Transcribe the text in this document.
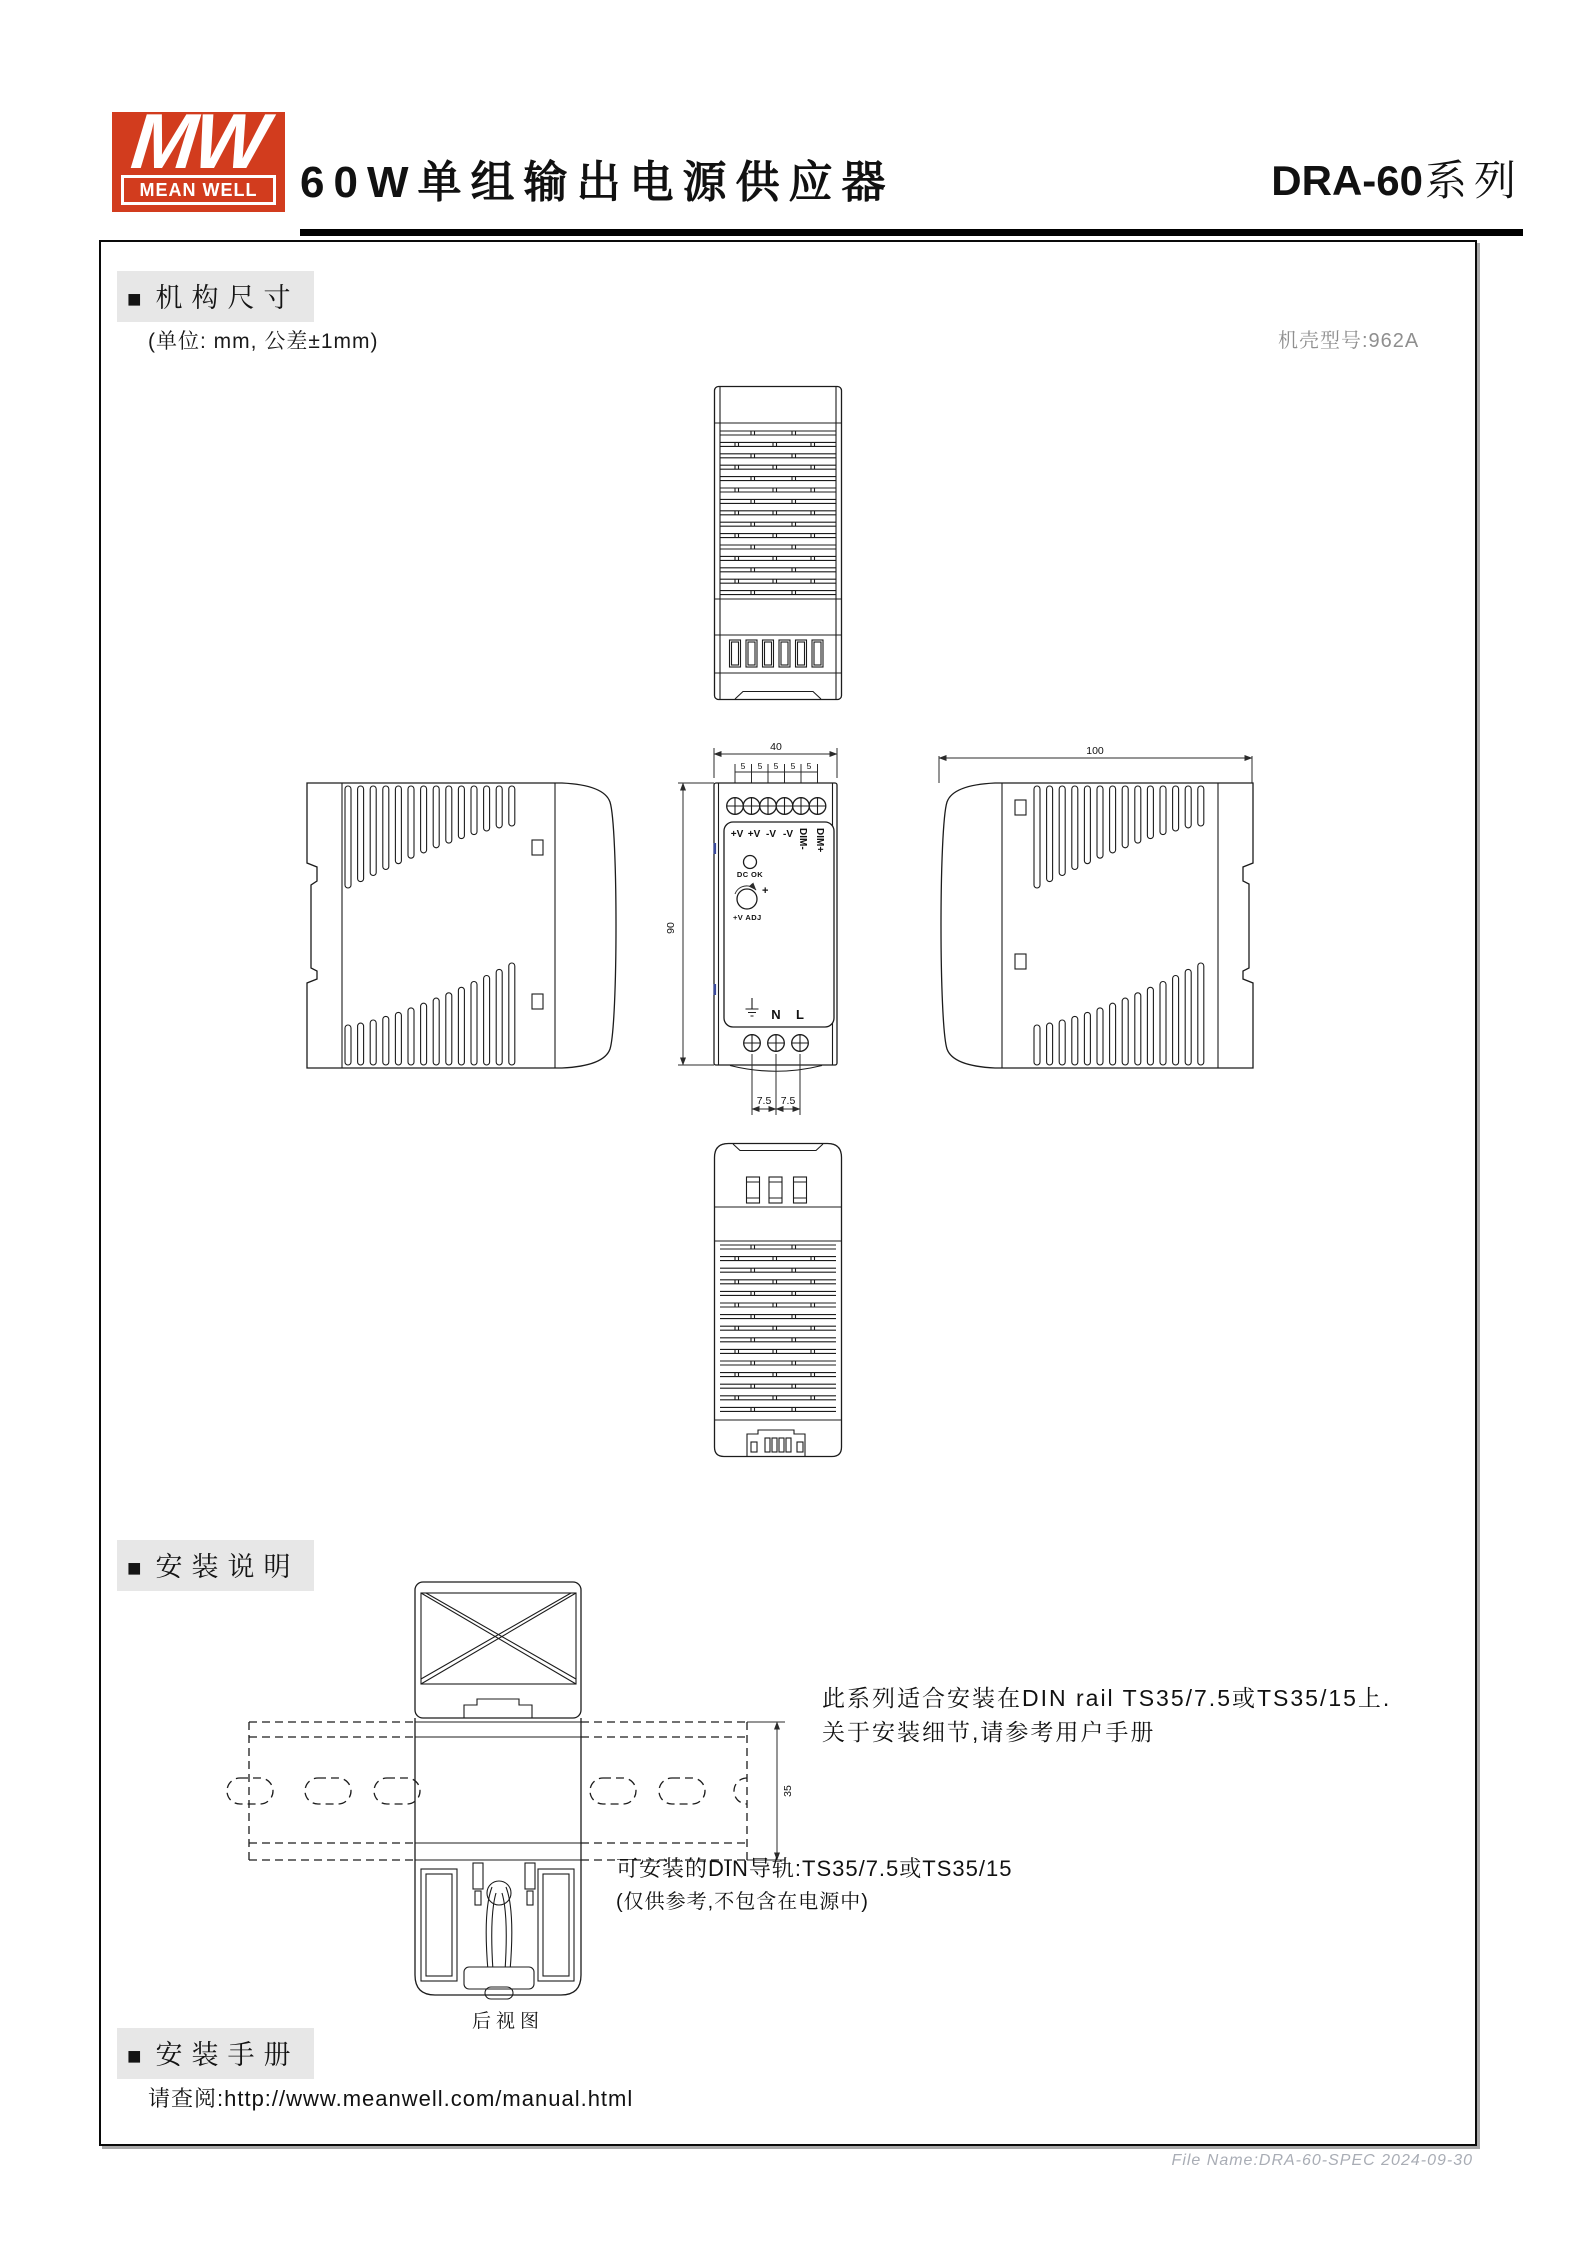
MW
MEAN WELL 60W单组输出电源供应器	DRA-60系列
■机构尺寸
(单位: mm, 公差±1mm)	机壳型号:962A
40
5 5 5 5 5
90
+V +V -V -V DIM- DIM+
DC OK
+
+V ADJ
N L
7.5 7.5
100
■安装说明
35
后视图
此系列适合安装在DIN rail TS35/7.5或TS35/15上.
关于安装细节,请参考用户手册
可安装的DIN导轨:TS35/7.5或TS35/15
(仅供参考,不包含在电源中)
■安装手册
请查阅:http://www.meanwell.com/manual.html
File Name:DRA-60-SPEC 2024-09-30
